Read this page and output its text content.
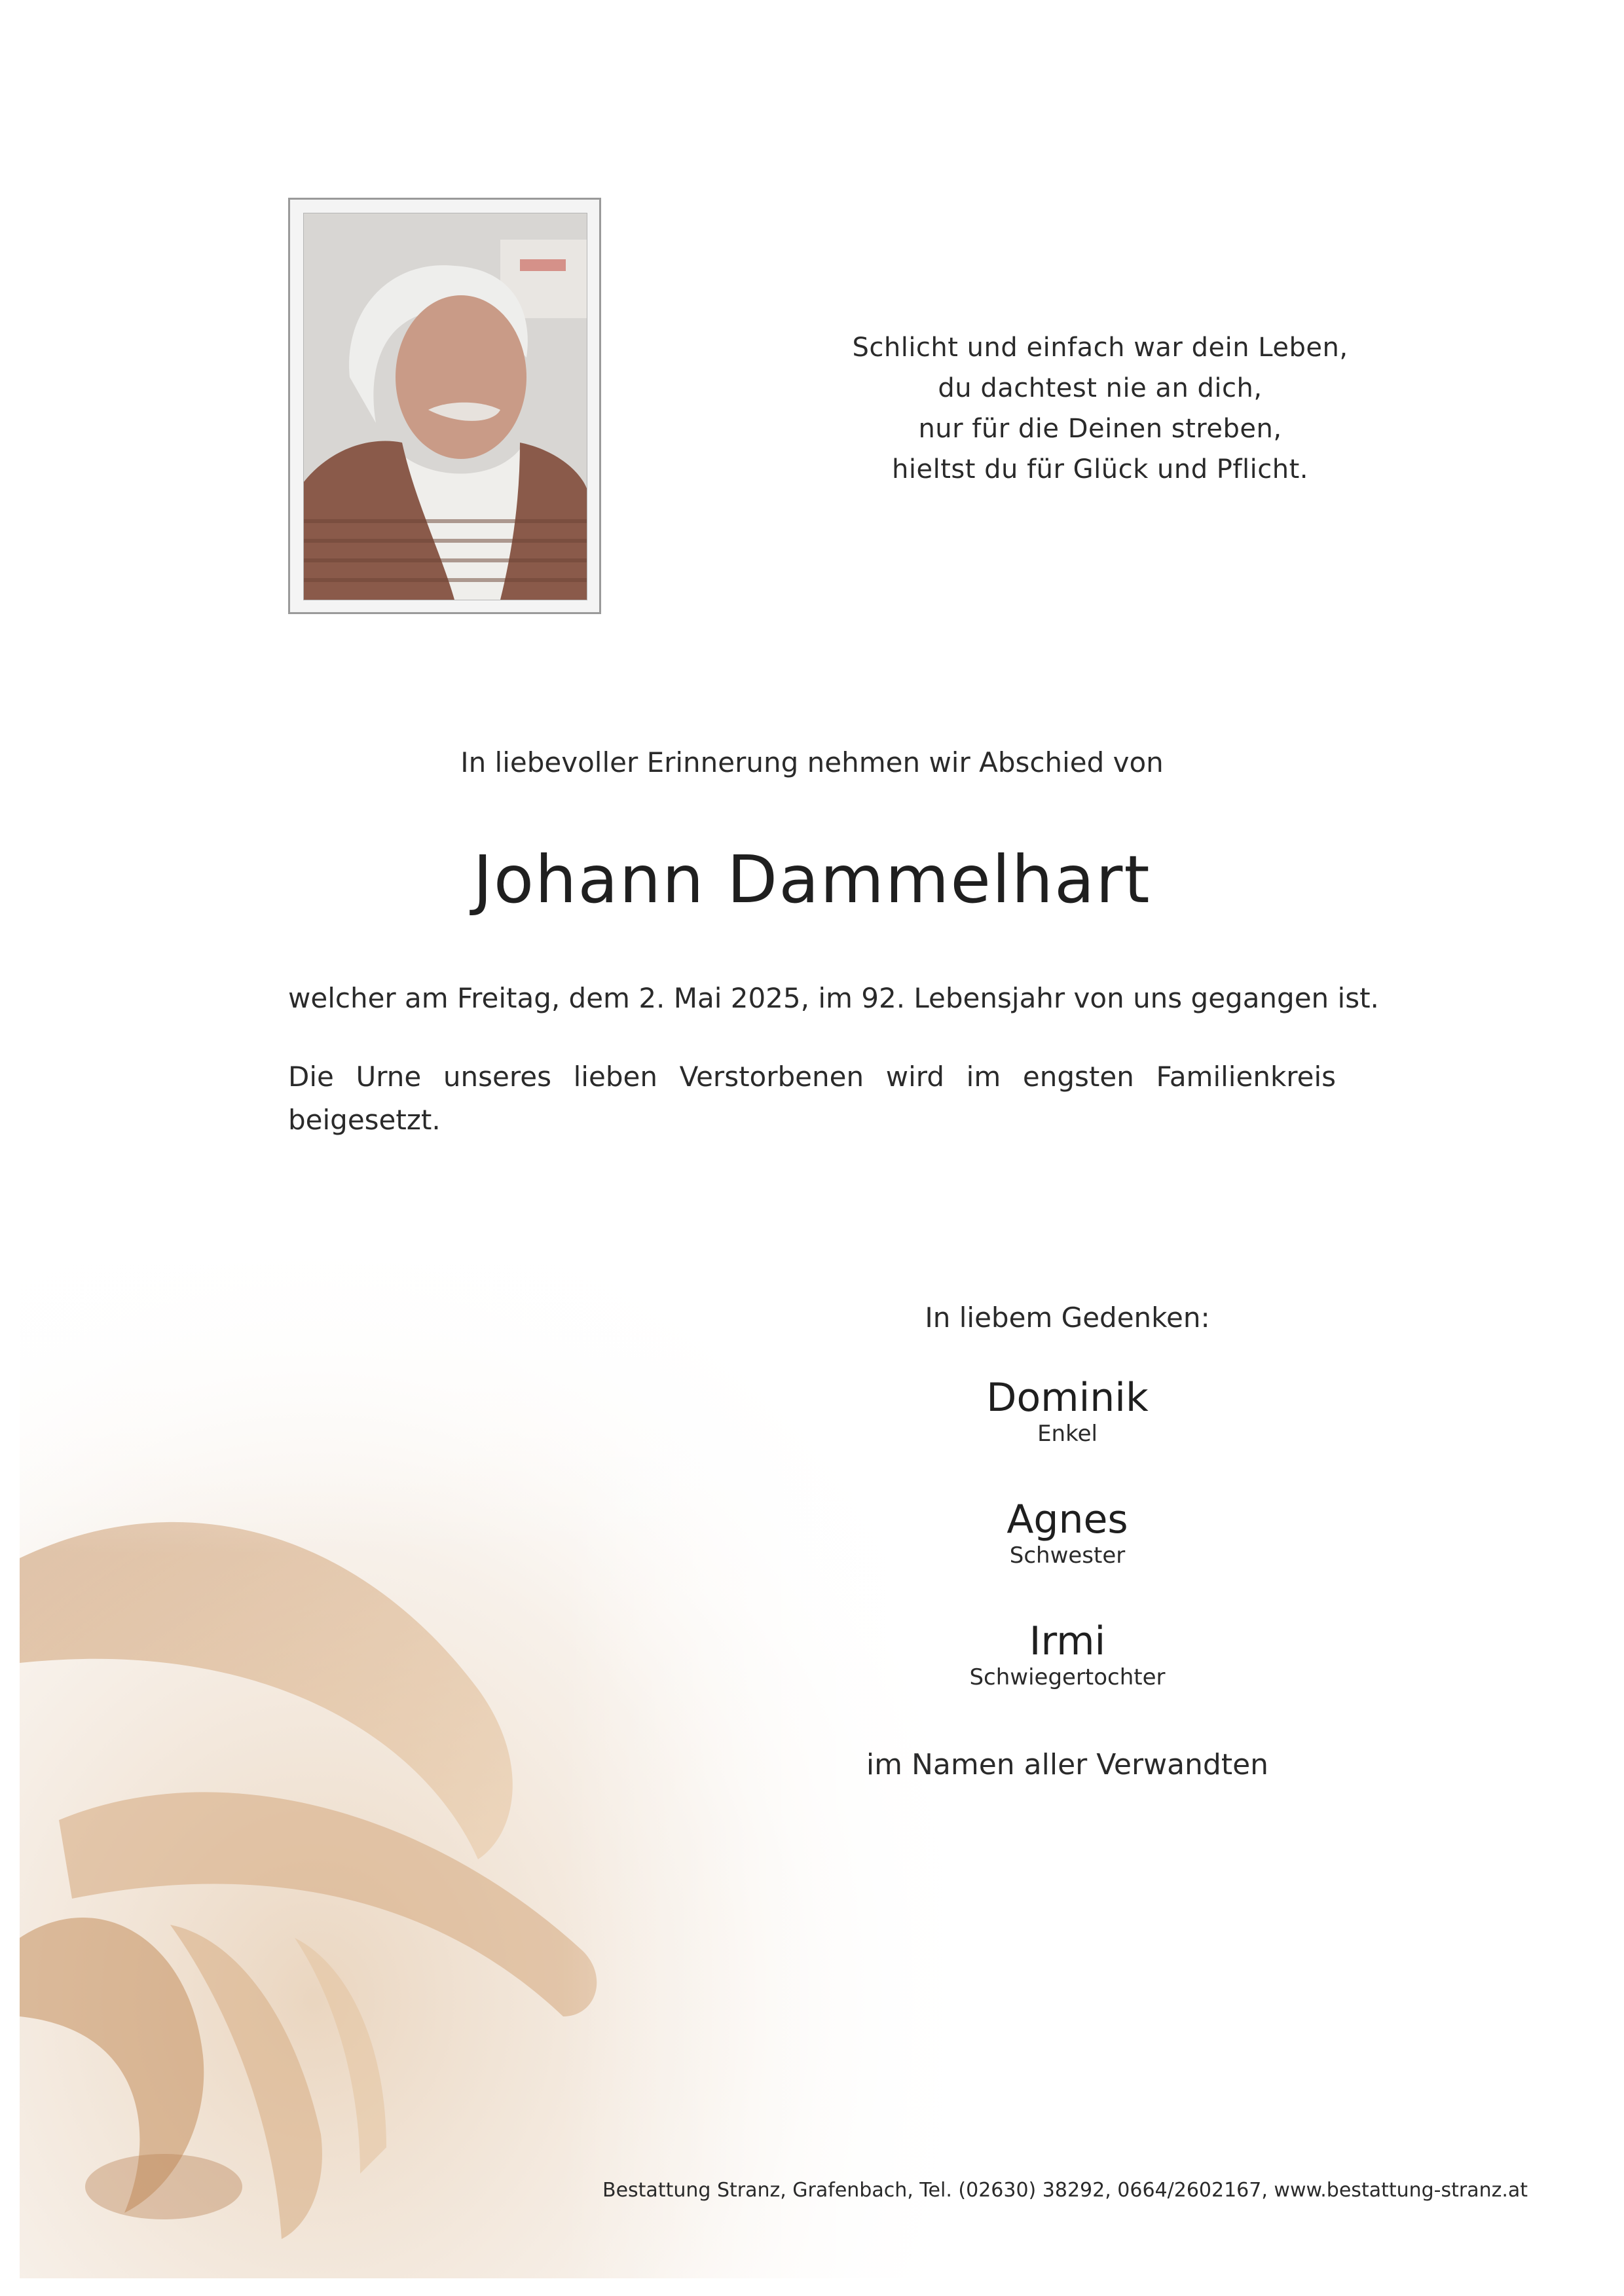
Schlicht und einfach war dein Leben,
du dachtest nie an dich,
nur für die Deinen streben,
hieltst du für Glück und Pflicht.
In liebevoller Erinnerung nehmen wir Abschied von
Johann Dammelhart
welcher am Freitag, dem 2. Mai 2025, im 92. Lebensjahr von uns gegangen ist.
Die Urne unseres lieben Verstorbenen wird im engsten Familienkreis beigesetzt.
In liebem Gedenken:
Dominik
Enkel
Agnes
Schwester
Irmi
Schwiegertochter
im Namen aller Verwandten
Bestattung Stranz, Grafenbach, Tel. (02630) 38292, 0664/2602167, www.bestattung-stranz.at
